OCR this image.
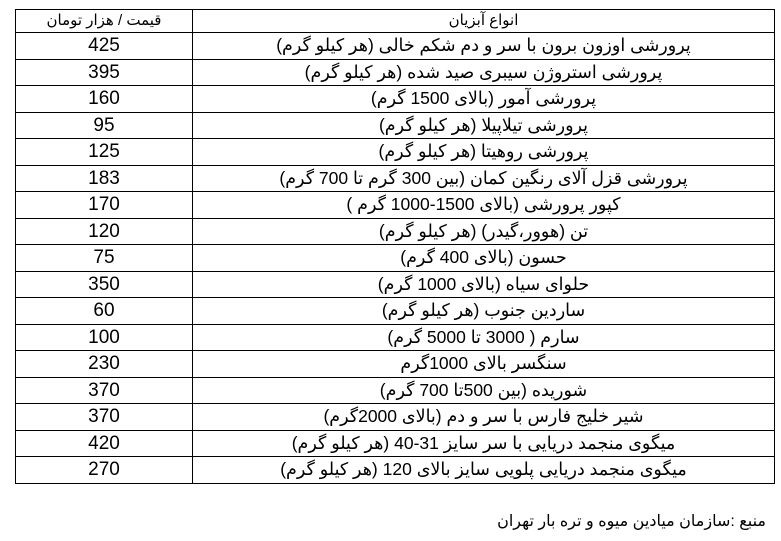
قیمت / هزار تومان	انواع آبزیان
425	پرورشی اوزون برون با سر و دم شکم خالی (هر کیلو گرم)
395	پرورشی استروژن سیبری صید شده (هر کیلو گرم)
160	پرورشی آمور (بالای 1500 گرم)
95	پرورشی تیلاپیلا (هر کیلو گرم)
125	پرورشی روهیتا (هر کیلو گرم)
183	پرورشی قزل آلای رنگین کمان (بین 300 گرم تا 700 گرم)
170	کپور پرورشی (بالای 1500-1000 گرم )
120	تن (هوور،گیدر) (هر کیلو گرم)
75	حسون (بالای 400 گرم)
350	حلوای سیاه (بالای 1000 گرم)
60	ساردین جنوب (هر کیلو گرم)
100	سارم ( 3000 تا 5000 گرم)
230	سنگسر بالای 1000گرم
370	شوریده (بین 500تا 700 گرم)
370	شیر خلیج فارس با سر و دم (بالای 2000گرم)
420	میگوی منجمد دریایی با سر سایز 31-40 (هر کیلو گرم)
270	میگوی منجمد دریایی پلویی سایز بالای 120 (هر کیلو گرم)
منبع :سازمان میادین میوه و تره بار تهران
